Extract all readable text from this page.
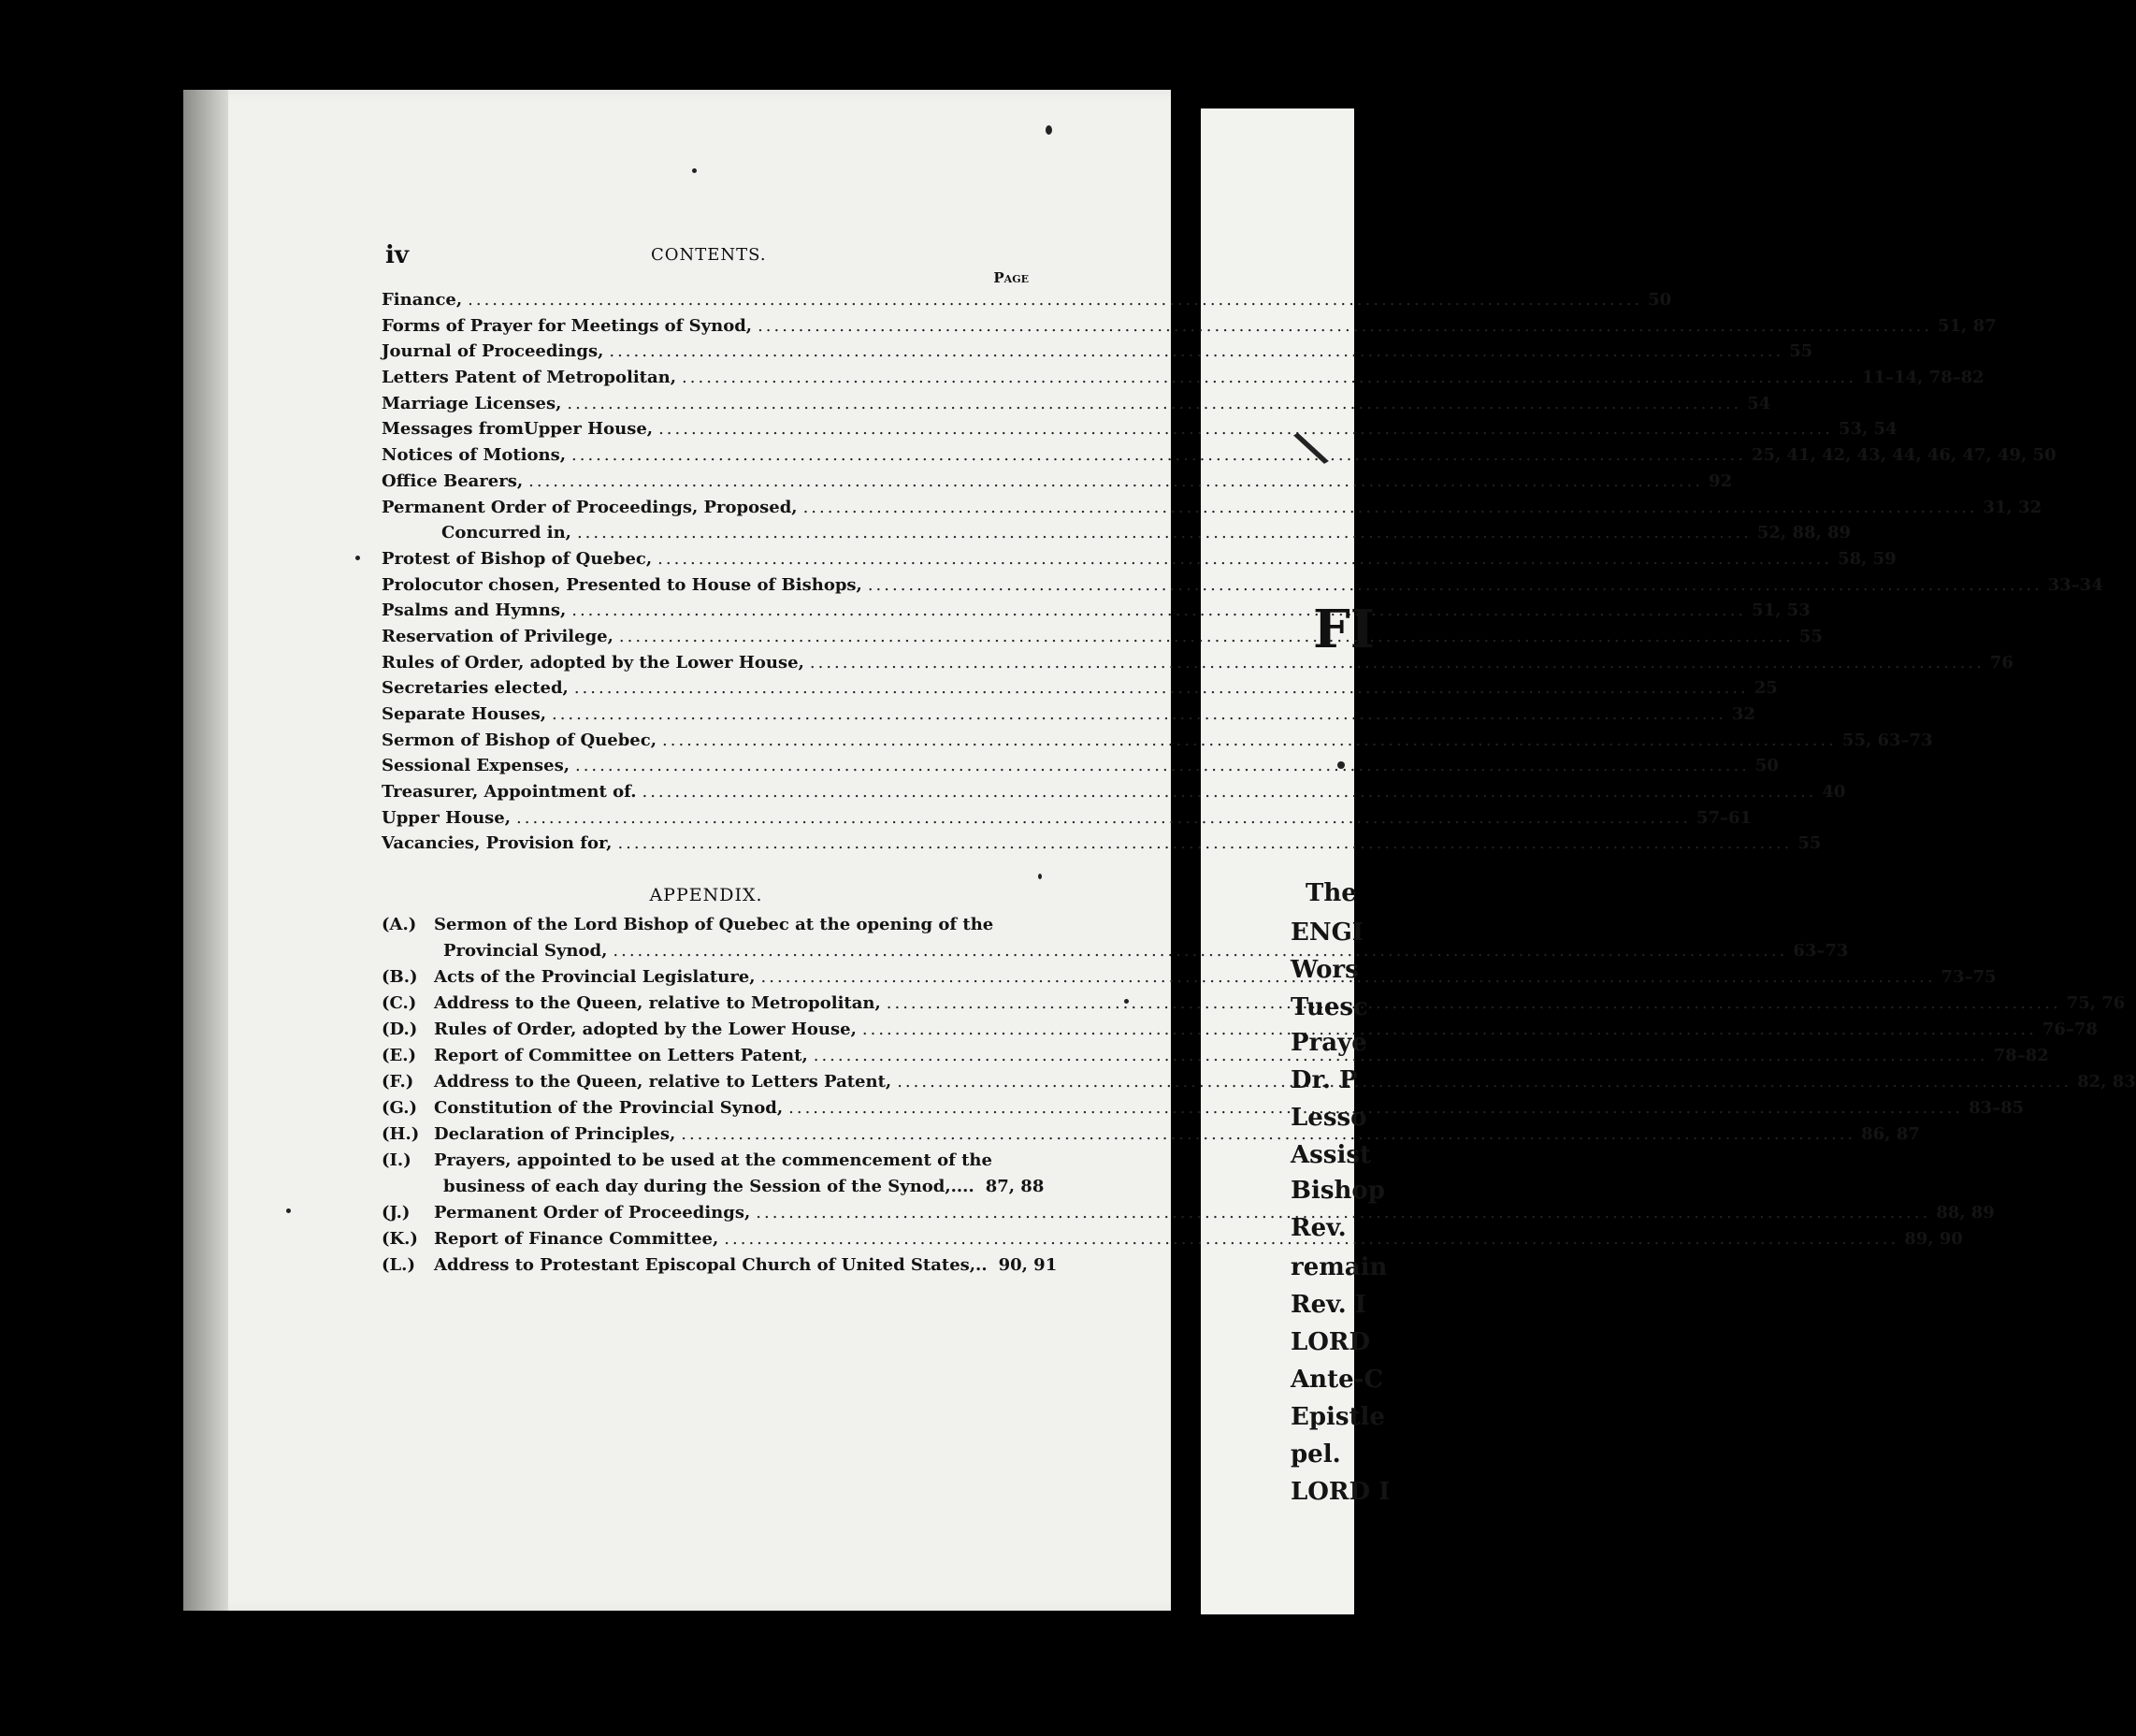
iv	CONTENTS.
Page
Finance, .....	50
Forms of Prayer for Meetings of Synod, .....	51, 87
Journal of Proceedings, .....	55
Letters Patent of Metropolitan, .....	11–14, 78–82
Marriage Licenses, .....	54
Messages fromUpper House, .....	53, 54
Notices of Motions, .....	25, 41, 42, 43, 44, 46, 47, 49, 50
Office Bearers, .....	92
Permanent Order of Proceedings, Proposed, .....	31, 32
Concurred in, .....	52, 88, 89
Protest of Bishop of Quebec, .....	58, 59
Prolocutor chosen, Presented to House of Bishops, .....	33–34
Psalms and Hymns, .....	51, 53
Reservation of Privilege, .....	55
Rules of Order, adopted by the Lower House, .....	76
Secretaries elected, .....	25
Separate Houses, .....	32
Sermon of Bishop of Quebec, .....	55, 63–73
Sessional Expenses, .....	50
Treasurer, Appointment of. .....	40
Upper House, .....	57–61
Vacancies, Provision for, .....	55
APPENDIX.
(A.)	Sermon of the Lord Bishop of Quebec at the opening of the
Provincial Synod, .....	63–73
(B.) Acts of the Provincial Legislature, .....	73–75
(C.)	Address to the Queen, relative to Metropolitan, .....	75, 76
(D.) Rules of Order, adopted by the Lower House, .....	76–78
(E.)	Report of Committee on Letters Patent, .....	78–82
(F.)	Address to the Queen, relative to Letters Patent, .....	82, 83
(G.) Constitution of the Provincial Synod, .....	83–85
(H.) Declaration of Principles, .....	86, 87
(I.)	Prayers, appointed to be used at the commencement of the
business of each day during the Session of the Synod,.... 87, 88
(J.)	Permanent Order of Proceedings, .....	88, 89
(K.) Report of Finance Committee, .....	89, 90
(L.)	Address to Protestant Episcopal Church of United States,.. 90, 91
FI
The
ENGI
Wors
Tuesc
Praye
Dr. P
Lesso
Assist
Bishop
Rev.
remain
Rev. I
LORD
Ante-C
Epistle
pel.
LORD I
\
